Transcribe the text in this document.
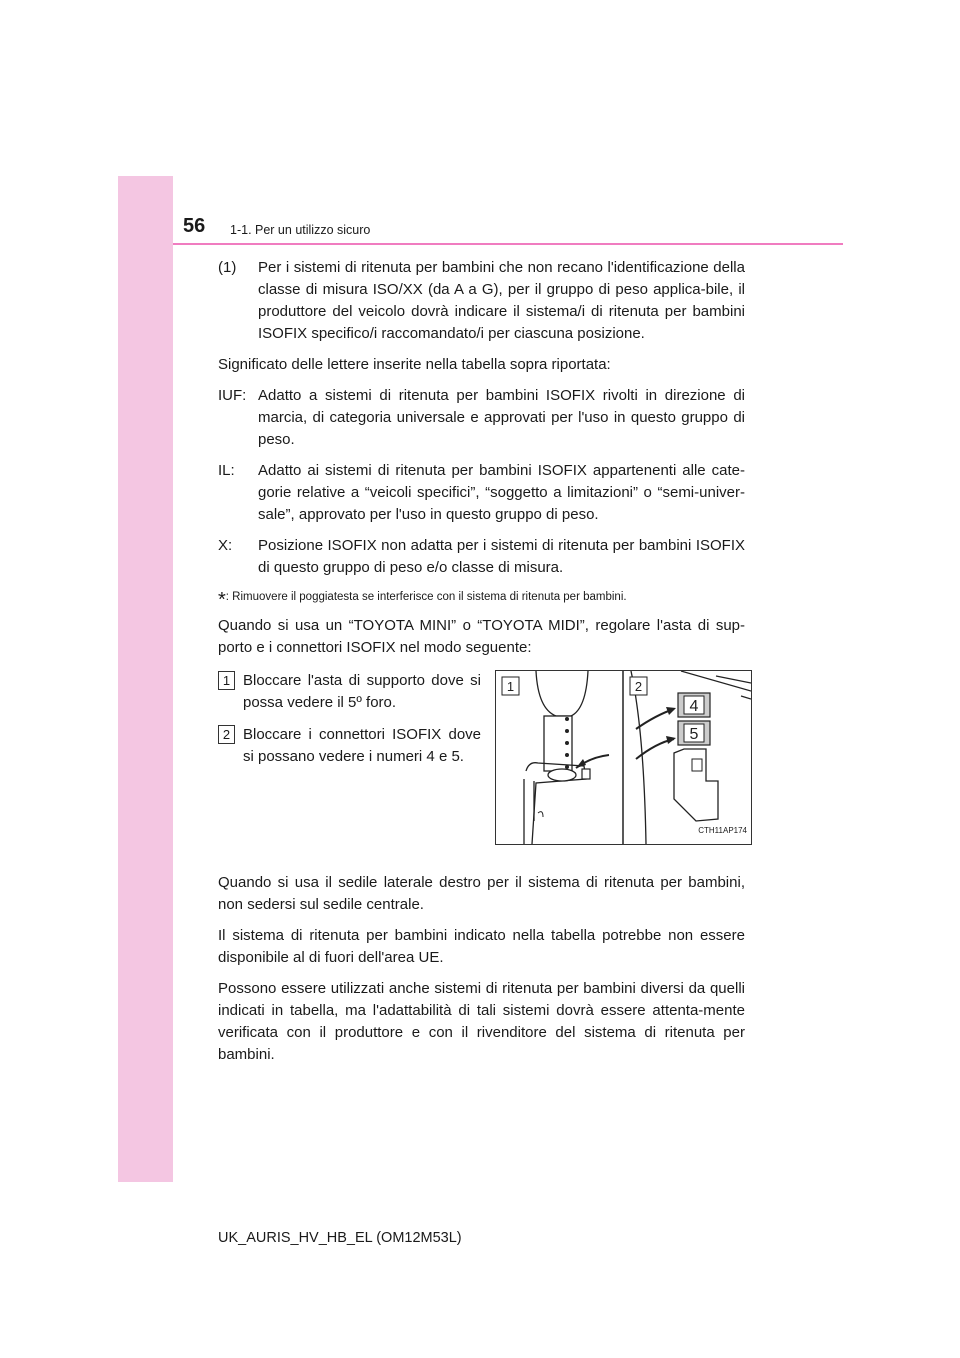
56 1-1. Per un utilizzo sicuro
(1)	Per i sistemi di ritenuta per bambini che non recano l'identificazione della classe di misura ISO/XX (da A a G), per il gruppo di peso applica-bile, il produttore del veicolo dovrà indicare il sistema/i di ritenuta per bambini ISOFIX specifico/i raccomandato/i per ciascuna posizione.

Significato delle lettere inserite nella tabella sopra riportata:

IUF: Adatto a sistemi di ritenuta per bambini ISOFIX rivolti in direzione di marcia, di categoria universale e approvati per l'uso in questo gruppo di peso.
IL:	Adatto ai sistemi di ritenuta per bambini ISOFIX appartenenti alle cate-gorie relative a “veicoli specifici”, “soggetto a limitazioni” o “semi-univer-sale”, approvato per l'uso in questo gruppo di peso.
X:	Posizione ISOFIX non adatta per i sistemi di ritenuta per bambini ISOFIX di questo gruppo di peso e/o classe di misura.
*: Rimuovere il poggiatesta se interferisce con il sistema di ritenuta per bambini.

Quando si usa un “TOYOTA MINI” o “TOYOTA MIDI”, regolare l'asta di sup-porto e i connettori ISOFIX nel modo seguente:

1 Bloccare l'asta di supporto dove si possa vedere il 5º foro.
2 Bloccare i connettori ISOFIX dove si possano vedere i numeri 4 e 5.
1	2
4
5
CTH11AP174

Quando si usa il sedile laterale destro per il sistema di ritenuta per bambini, non sedersi sul sedile centrale.

Il sistema di ritenuta per bambini indicato nella tabella potrebbe non essere disponibile al di fuori dell'area UE.

Possono essere utilizzati anche sistemi di ritenuta per bambini diversi da quelli indicati in tabella, ma l'adattabilità di tali sistemi dovrà essere attenta-mente verificata con il produttore e con il rivenditore del sistema di ritenuta per bambini.

UK_AURIS_HV_HB_EL (OM12M53L)
